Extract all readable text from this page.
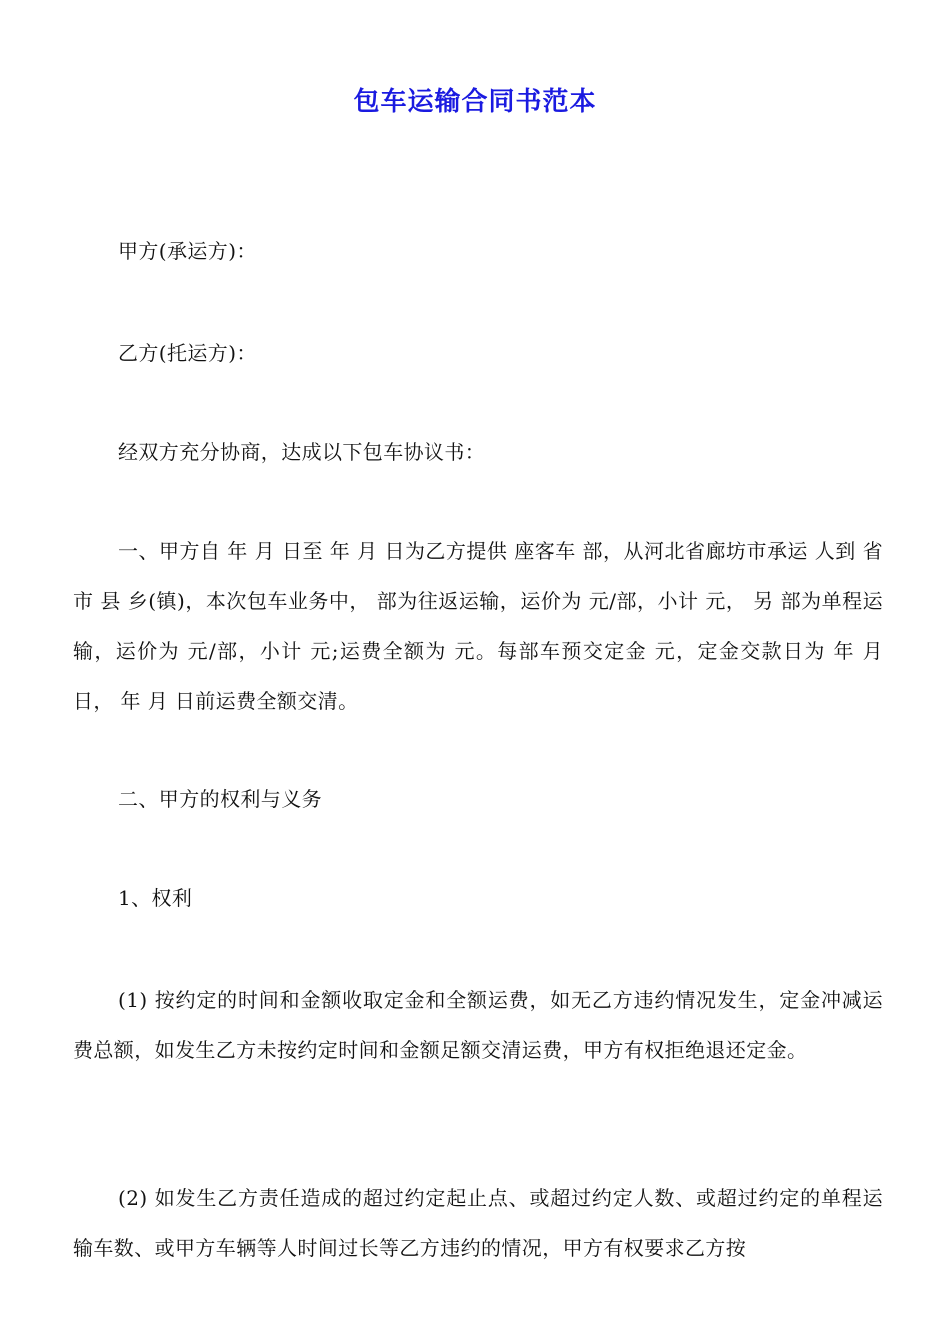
包车运输合同书范本
甲方(承运方)：
乙方(托运方)：
经双方充分协商，达成以下包车协议书：
一、甲方自 年 月 日至 年 月 日为乙方提供 座客车 部，从河北省廊坊市承运 人到 省 市 县 乡(镇)，本次包车业务中， 部为往返运输，运价为 元/部，小计 元， 另 部为单程运输，运价为 元/部，小计 元;运费全额为 元。每部车预交定金 元，定金交款日为 年 月 日， 年 月 日前运费全额交清。
二、甲方的权利与义务
1、权利
(1) 按约定的时间和金额收取定金和全额运费，如无乙方违约情况发生，定金冲减运费总额，如发生乙方未按约定时间和金额足额交清运费，甲方有权拒绝退还定金。
(2) 如发生乙方责任造成的超过约定起止点、或超过约定人数、或超过约定的单程运输车数、或甲方车辆等人时间过长等乙方违约的情况，甲方有权要求乙方按
